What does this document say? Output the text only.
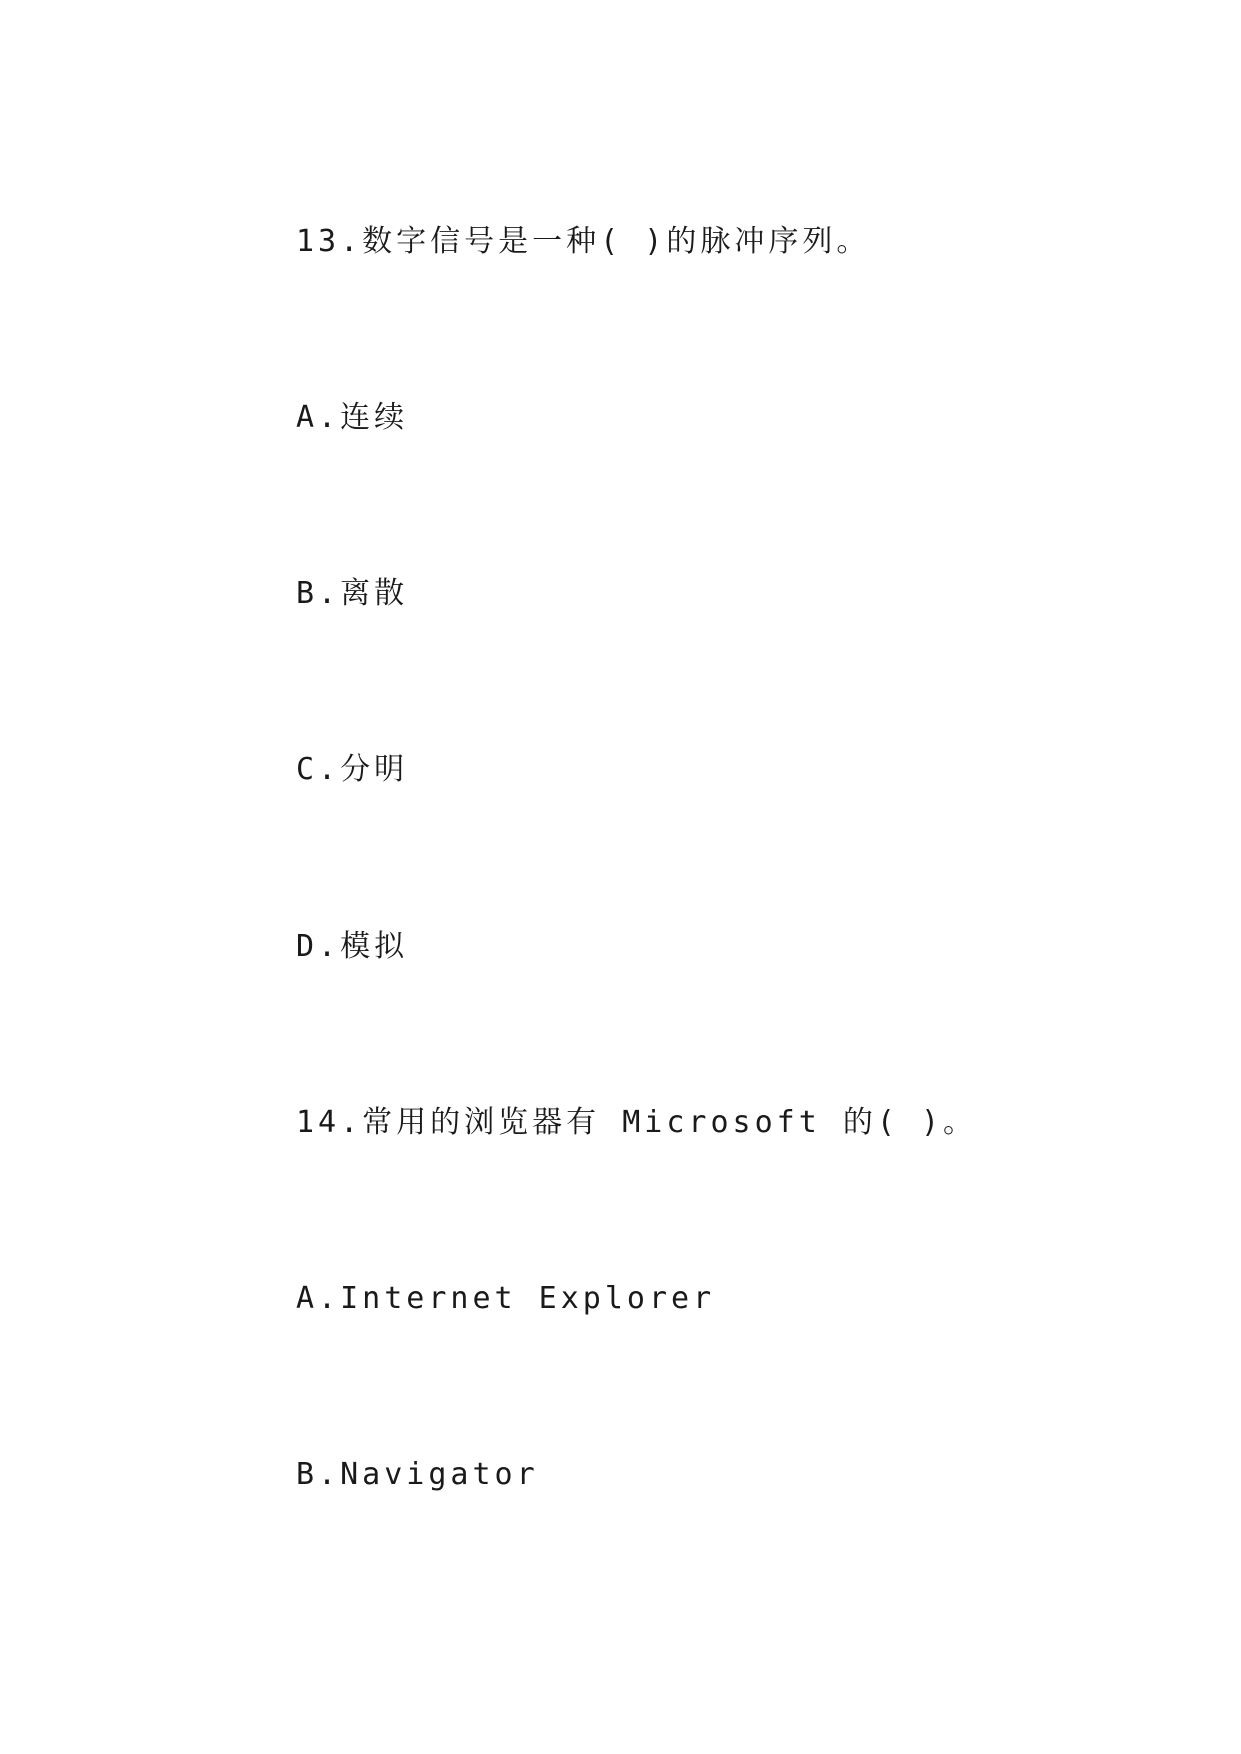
13.数字信号是一种( )的脉冲序列。
A.连续
B.离散
C.分明
D.模拟
14.常用的浏览器有 Microsoft 的( )。
A.Internet Explorer
B.Navigator
